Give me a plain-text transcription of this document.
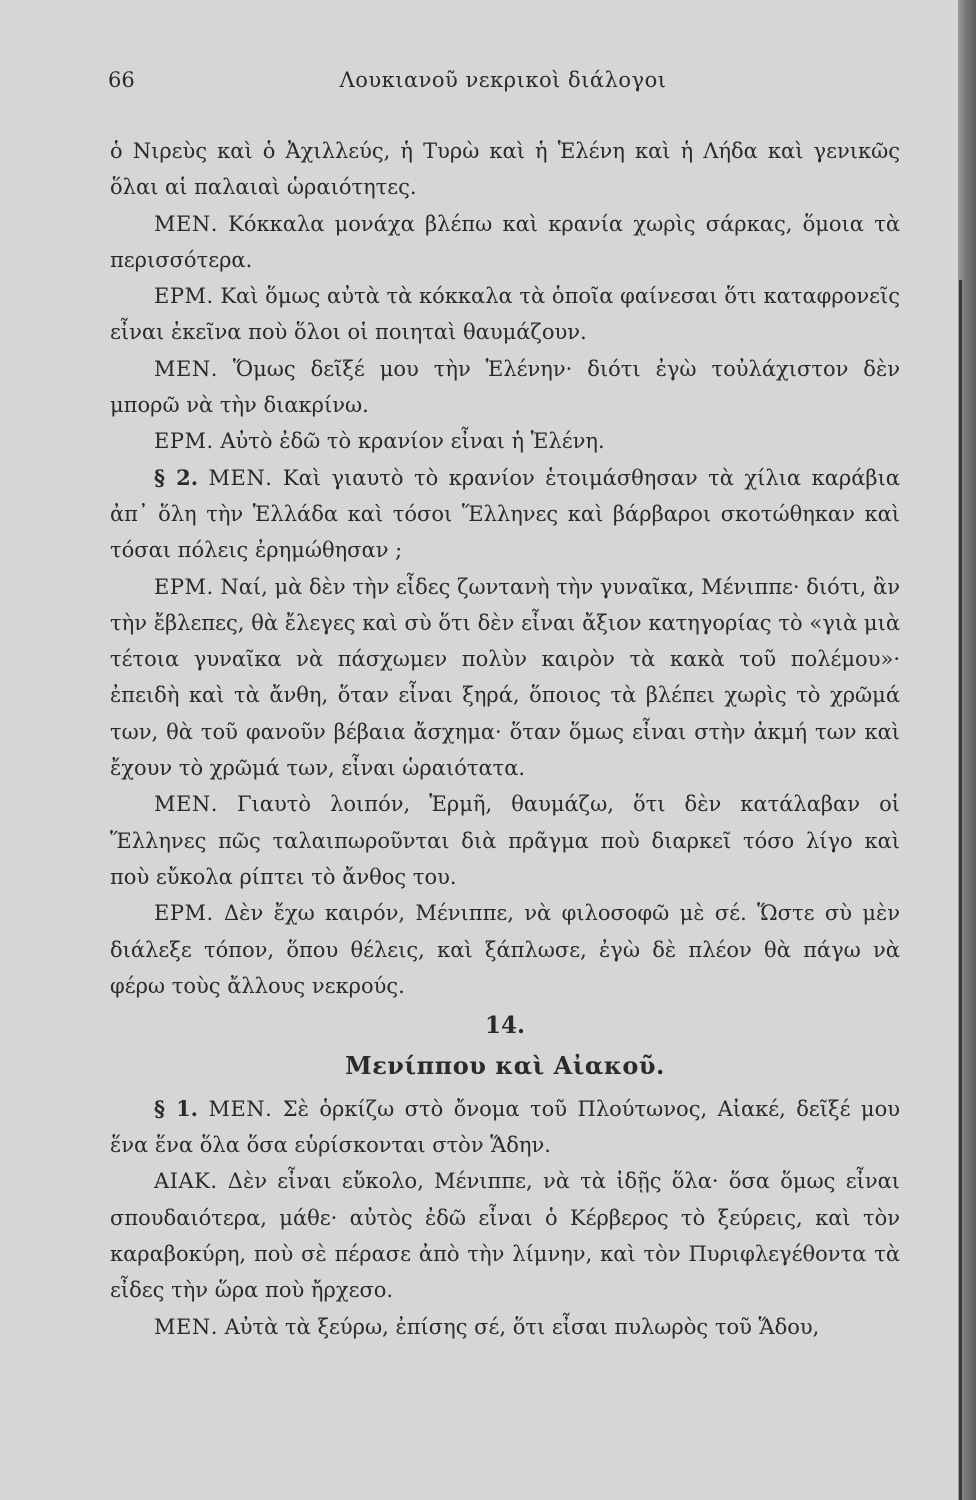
66	Λουκιανοῦ νεκρικοὶ διάλογοι

ὁ Νιρεὺς καὶ ὁ Ἀχιλλεύς, ἡ Τυρὼ καὶ ἡ Ἑλένη καὶ ἡ Λήδα καὶ γενικῶς ὅλαι αἱ παλαιαὶ ὡραιότητες.

ΜΕΝ. Κόκκαλα μονάχα βλέπω καὶ κρανία χωρὶς σάρκας, ὅμοια τὰ περισσότερα.

ΕΡΜ. Καὶ ὅμως αὐτὰ τὰ κόκκαλα τὰ ὁποῖα φαίνεσαι ὅτι καταφρονεῖς εἶναι ἐκεῖνα ποὺ ὅλοι οἱ ποιηταὶ θαυμάζουν.

ΜΕΝ. Ὅμως δεῖξέ μου τὴν Ἑλένην· διότι ἐγὼ τοὐλάχιστον δὲν μπορῶ νὰ τὴν διακρίνω.

ΕΡΜ. Αὐτὸ ἐδῶ τὸ κρανίον εἶναι ἡ Ἑλένη.

§ 2. ΜΕΝ. Καὶ γιαυτὸ τὸ κρανίον ἑτοιμάσθησαν τὰ χίλια καράβια ἀπ᾽ ὅλη τὴν Ἑλλάδα καὶ τόσοι Ἕλληνες καὶ βάρβαροι σκοτώθηκαν καὶ τόσαι πόλεις ἐρημώθησαν ;

ΕΡΜ. Ναί, μὰ δὲν τὴν εἶδες ζωντανὴ τὴν γυναῖκα, Μένιππε· διότι, ἂν τὴν ἔβλεπες, θὰ ἔλεγες καὶ σὺ ὅτι δὲν εἶναι ἄξιον κατηγορίας τὸ «γιὰ μιὰ τέτοια γυναῖκα νὰ πάσχωμεν πολὺν καιρὸν τὰ κακὰ τοῦ πολέμου»· ἐπειδὴ καὶ τὰ ἄνθη, ὅταν εἶναι ξηρά, ὅποιος τὰ βλέπει χωρὶς τὸ χρῶμά των, θὰ τοῦ φανοῦν βέβαια ἄσχημα· ὅταν ὅμως εἶναι στὴν ἀκμή των καὶ ἔχουν τὸ χρῶμά των, εἶναι ὡραιότατα.

ΜΕΝ. Γιαυτὸ λοιπόν, Ἑρμῆ, θαυμάζω, ὅτι δὲν κατάλαβαν οἱ Ἕλληνες πῶς ταλαιπωροῦνται διὰ πρᾶγμα ποὺ διαρκεῖ τόσο λίγο καὶ ποὺ εὔκολα ρίπτει τὸ ἄνθος του.

ΕΡΜ. Δὲν ἔχω καιρόν, Μένιππε, νὰ φιλοσοφῶ μὲ σέ. Ὥστε σὺ μὲν διάλεξε τόπον, ὅπου θέλεις, καὶ ξάπλωσε, ἐγὼ δὲ πλέον θὰ πάγω νὰ φέρω τοὺς ἄλλους νεκρούς.

14.
Μενίππου καὶ Αἰακοῦ.

§ 1. ΜΕΝ. Σὲ ὁρκίζω στὸ ὄνομα τοῦ Πλούτωνος, Αἰακέ, δεῖξέ μου ἕνα ἕνα ὅλα ὅσα εὑρίσκονται στὸν Ἅδην.

ΑΙΑΚ. Δὲν εἶναι εὔκολο, Μένιππε, νὰ τὰ ἰδῇς ὅλα· ὅσα ὅμως εἶναι σπουδαιότερα, μάθε· αὐτὸς ἐδῶ εἶναι ὁ Κέρβερος τὸ ξεύρεις, καὶ τὸν καραβοκύρη, ποὺ σὲ πέρασε ἀπὸ τὴν λίμνην, καὶ τὸν Πυριφλεγέθοντα τὰ εἶδες τὴν ὥρα ποὺ ἤρχεσο.

ΜΕΝ. Αὐτὰ τὰ ξεύρω, ἐπίσης σέ, ὅτι εἶσαι πυλωρὸς τοῦ Ἅδου,
